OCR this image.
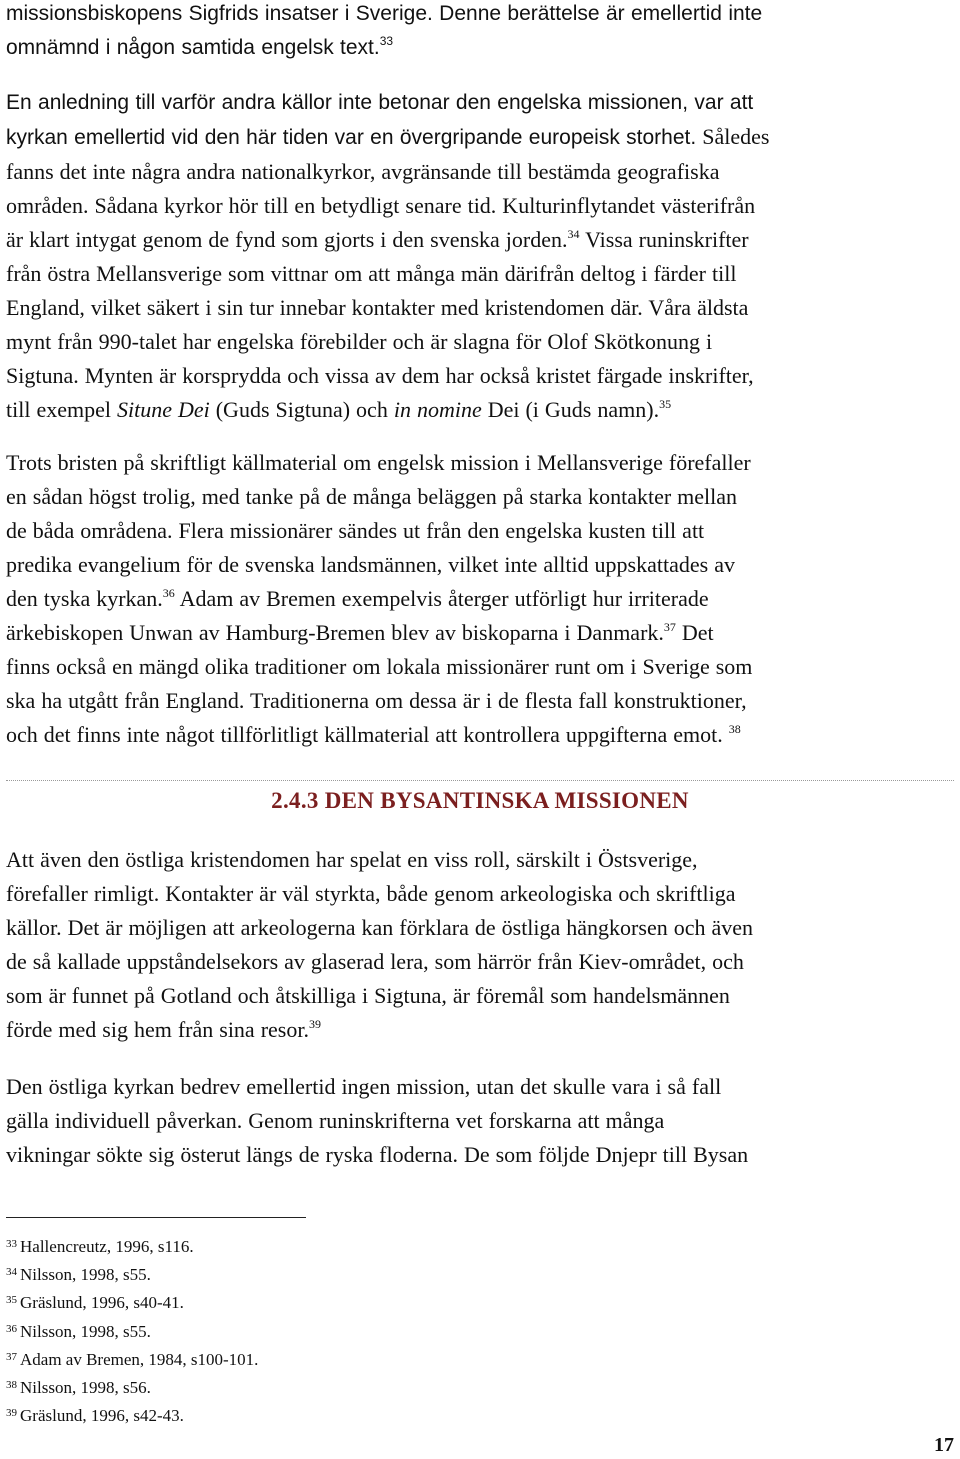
missionsbiskopens Sigfrids insatser i Sverige. Denne berättelse är emellertid inte
omnämnd i någon samtida engelsk text.$^{33}$

En anledning till varför andra källor inte betonar den engelska missionen, var att
kyrkan emellertid vid den här tiden var en övergripande europeisk storhet. Således
fanns det inte några andra nationalkyrkor, avgränsande till bestämda geografiska
områden. Sådana kyrkor hör till en betydligt senare tid. Kulturinflytandet västerifrån
är klart intygat genom de fynd som gjorts i den svenska jorden.$^{34}$ Vissa runinskrifter
från östra Mellansverige som vittnar om att många män därifrån deltog i färder till
England, vilket säkert i sin tur innebar kontakter med kristendomen där. Våra äldsta
mynt från 990-talet har engelska förebilder och är slagna för Olof Skötkonung i
Sigtuna. Mynten är korsprydda och vissa av dem har också kristet färgade inskrifter,
till exempel Situne Dei (Guds Sigtuna) och in nomine Dei (i Guds namn).$^{35}$

Trots bristen på skriftligt källmaterial om engelsk mission i Mellansverige förefaller
en sådan högst trolig, med tanke på de många beläggen på starka kontakter mellan
de båda områdena. Flera missionärer sändes ut från den engelska kusten till att
predika evangelium för de svenska landsmännen, vilket inte alltid uppskattades av
den tyska kyrkan.$^{36}$ Adam av Bremen exempelvis återger utförligt hur irriterade
ärkebiskopen Unwan av Hamburg-Bremen blev av biskoparna i Danmark.$^{37}$ Det
finns också en mängd olika traditioner om lokala missionärer runt om i Sverige som
ska ha utgått från England. Traditionerna om dessa är i de flesta fall konstruktioner,
och det finns inte något tillförlitligt källmaterial att kontrollera uppgifterna emot. $^{38}$

2.4.3 DEN BYSANTINSKA MISSIONEN

Att även den östliga kristendomen har spelat en viss roll, särskilt i Östsverige,
förefaller rimligt. Kontakter är väl styrkta, både genom arkeologiska och skriftliga
källor. Det är möjligen att arkeologerna kan förklara de östliga hängkorsen och även
de så kallade uppståndelsekors av glaserad lera, som härrör från Kiev-området, och
som är funnet på Gotland och åtskilliga i Sigtuna, är föremål som handelsmännen
förde med sig hem från sina resor.$^{39}$

Den östliga kyrkan bedrev emellertid ingen mission, utan det skulle vara i så fall
gälla individuell påverkan. Genom runinskrifterna vet forskarna att många
vikningar sökte sig österut längs de ryska floderna. De som följde Dnjepr till Bysan

$^{33}$ Hallencreutz, 1996, s116.
$^{34}$ Nilsson, 1998, s55.
$^{35}$ Gräslund, 1996, s40-41.
$^{36}$ Nilsson, 1998, s55.
$^{37}$ Adam av Bremen, 1984, s100-101.
$^{38}$ Nilsson, 1998, s56.
$^{39}$ Gräslund, 1996, s42-43.
17
